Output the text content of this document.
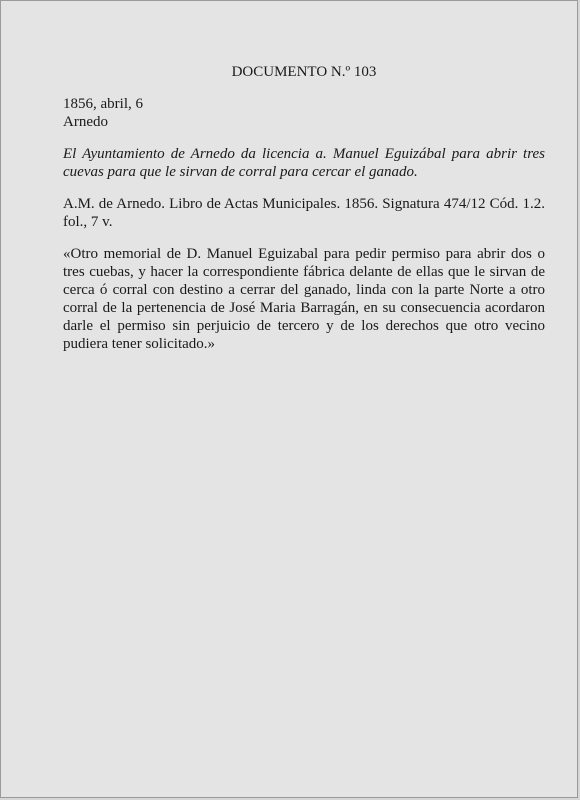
DOCUMENTO N.º 103

1856, abril, 6
Arnedo

El Ayuntamiento de Arnedo da licencia a. Manuel Eguizábal para abrir tres cuevas para que le sirvan de corral para cercar el ganado.

A.M. de Arnedo. Libro de Actas Municipales. 1856. Signatura 474/12 Cód. 1.2. fol., 7 v.

«Otro memorial de D. Manuel Eguizabal para pedir permiso para abrir dos o tres cuebas, y hacer la correspondiente fábrica delante de ellas que le sirvan de cerca ó corral con destino a cerrar del ganado, linda con la parte Norte a otro corral de la pertenencia de José Maria Barragán, en su consecuencia acordaron darle el permiso sin perjuicio de tercero y de los derechos que otro vecino pudiera tener solicitado.»
